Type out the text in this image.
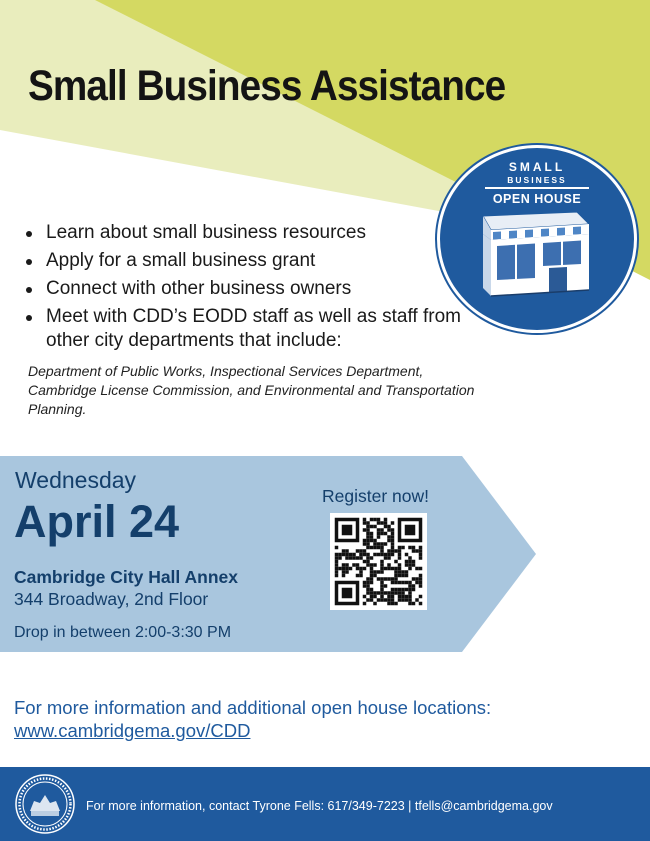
Small Business Assistance
SMALL
BUSINESS
OPEN HOUSE
Learn about small business resources
Apply for a small business grant
Connect with other business owners
Meet with CDD’s EODD staff as well as staff from other city departments that include:

Department of Public Works, Inspectional Services Department, Cambridge License Commission, and Environmental and Transportation Planning.

Wednesday
April 24
Cambridge City Hall Annex
344 Broadway, 2nd Floor
Drop in between 2:00-3:30 PM
Register now!
For more information and additional open house locations:
www.cambridgema.gov/CDD
For more information, contact Tyrone Fells: 617/349-7223 | tfells@cambridgema.gov
